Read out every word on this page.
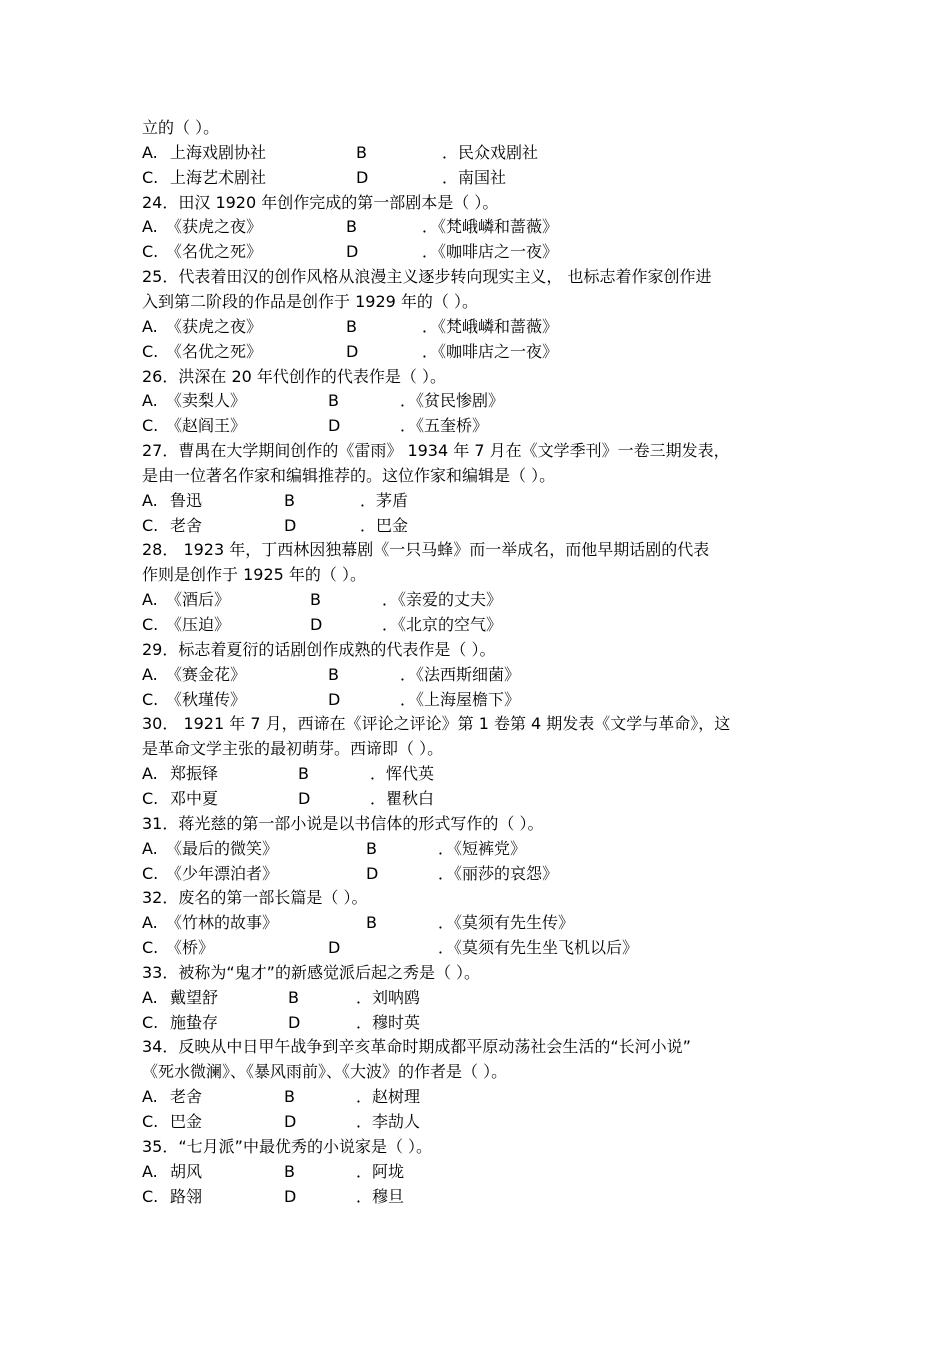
立的（ ）。
A. 上海戏剧协社	B	．民众戏剧社
C. 上海艺术剧社	D	．南国社
24．田汉 1920 年创作完成的第一部剧本是（ ）。
A. 《获虎之夜》	B	．《梵峨嶙和蔷薇》
C. 《名优之死》	D	．《咖啡店之一夜》
25．代表着田汉的创作风格从浪漫主义逐步转向现实主义， 也标志着作家创作进
入到第二阶段的作品是创作于 1929 年的（ ）。
A. 《获虎之夜》	B	．《梵峨嶙和蔷薇》
C. 《名优之死》	D	．《咖啡店之一夜》
26．洪深在 20 年代创作的代表作是（ ）。
A. 《卖梨人》	B	．《贫民惨剧》
C. 《赵阎王》	D	．《五奎桥》
27．曹禺在大学期间创作的《雷雨》 1934 年 7 月在《文学季刊》一卷三期发表，
是由一位著名作家和编辑推荐的。这位作家和编辑是（ ）。
A. 鲁迅	B	．茅盾
C. 老舍	D	．巴金
28． 1923 年，丁西林因独幕剧《一只马蜂》而一举成名，而他早期话剧的代表
作则是创作于 1925 年的（ ）。
A. 《酒后》	B	．《亲爱的丈夫》
C. 《压迫》	D	．《北京的空气》
29．标志着夏衍的话剧创作成熟的代表作是（ ）。
A. 《赛金花》	B	．《法西斯细菌》
C. 《秋瑾传》	D	．《上海屋檐下》
30． 1921 年 7 月，西谛在《评论之评论》第 1 卷第 4 期发表《文学与革命》，这
是革命文学主张的最初萌芽。西谛即（ ）。
A. 郑振铎	B	．恽代英
C. 邓中夏	D	．瞿秋白
31．蒋光慈的第一部小说是以书信体的形式写作的（ ）。
A. 《最后的微笑》	B	．《短裤党》
C. 《少年漂泊者》	D	．《丽莎的哀怨》
32．废名的第一部长篇是（ ）。
A. 《竹林的故事》	B	．《莫须有先生传》
C. 《桥》	D	．《莫须有先生坐飞机以后》
33．被称为“鬼才”的新感觉派后起之秀是（ ）。
A. 戴望舒	B	．刘呐鸥
C. 施蛰存	D	．穆时英
34．反映从中日甲午战争到辛亥革命时期成都平原动荡社会生活的“长河小说”
《死水微澜》、《暴风雨前》、《大波》的作者是（ ）。
A. 老舍	B	．赵树理
C. 巴金	D	．李劼人
35．“七月派”中最优秀的小说家是（ ）。
A. 胡风	B	．阿垅
C. 路翎	D	．穆旦
